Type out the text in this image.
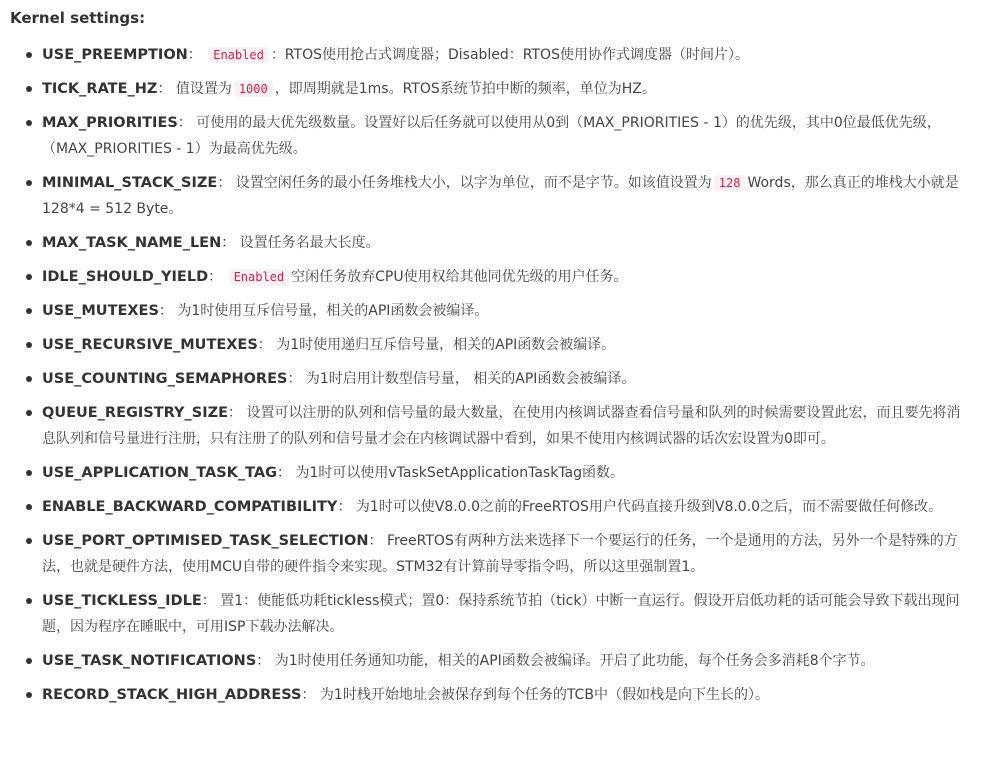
Kernel settings:
USE_PREEMPTION： Enabled ：RTOS使用抢占式调度器；Disabled：RTOS使用协作式调度器（时间片）。
TICK_RATE_HZ： 值设置为 1000 ，即周期就是1ms。RTOS系统节拍中断的频率，单位为HZ。
MAX_PRIORITIES： 可使用的最大优先级数量。设置好以后任务就可以使用从0到（MAX_PRIORITIES - 1）的优先级，其中0位最低优先级，（MAX_PRIORITIES - 1）为最高优先级。
MINIMAL_STACK_SIZE： 设置空闲任务的最小任务堆栈大小，以字为单位，而不是字节。如该值设置为 128 Words，那么真正的堆栈大小就是 128*4 = 512 Byte。
MAX_TASK_NAME_LEN： 设置任务名最大长度。
IDLE_SHOULD_YIELD： Enabled 空闲任务放弃CPU使用权给其他同优先级的用户任务。
USE_MUTEXES： 为1时使用互斥信号量，相关的API函数会被编译。
USE_RECURSIVE_MUTEXES： 为1时使用递归互斥信号量，相关的API函数会被编译。
USE_COUNTING_SEMAPHORES： 为1时启用计数型信号量， 相关的API函数会被编译。
QUEUE_REGISTRY_SIZE： 设置可以注册的队列和信号量的最大数量，在使用内核调试器查看信号量和队列的时候需要设置此宏，而且要先将消息队列和信号量进行注册，只有注册了的队列和信号量才会在内核调试器中看到，如果不使用内核调试器的话次宏设置为0即可。
USE_APPLICATION_TASK_TAG： 为1时可以使用vTaskSetApplicationTaskTag函数。
ENABLE_BACKWARD_COMPATIBILITY： 为1时可以使V8.0.0之前的FreeRTOS用户代码直接升级到V8.0.0之后，而不需要做任何修改。
USE_PORT_OPTIMISED_TASK_SELECTION： FreeRTOS有两种方法来选择下一个要运行的任务，一个是通用的方法，另外一个是特殊的方法，也就是硬件方法，使用MCU自带的硬件指令来实现。STM32有计算前导零指令吗，所以这里强制置1。
USE_TICKLESS_IDLE： 置1：使能低功耗tickless模式；置0：保持系统节拍（tick）中断一直运行。假设开启低功耗的话可能会导致下载出现问题，因为程序在睡眠中，可用ISP下载办法解决。
USE_TASK_NOTIFICATIONS： 为1时使用任务通知功能，相关的API函数会被编译。开启了此功能，每个任务会多消耗8个字节。
RECORD_STACK_HIGH_ADDRESS： 为1时栈开始地址会被保存到每个任务的TCB中（假如栈是向下生长的）。
